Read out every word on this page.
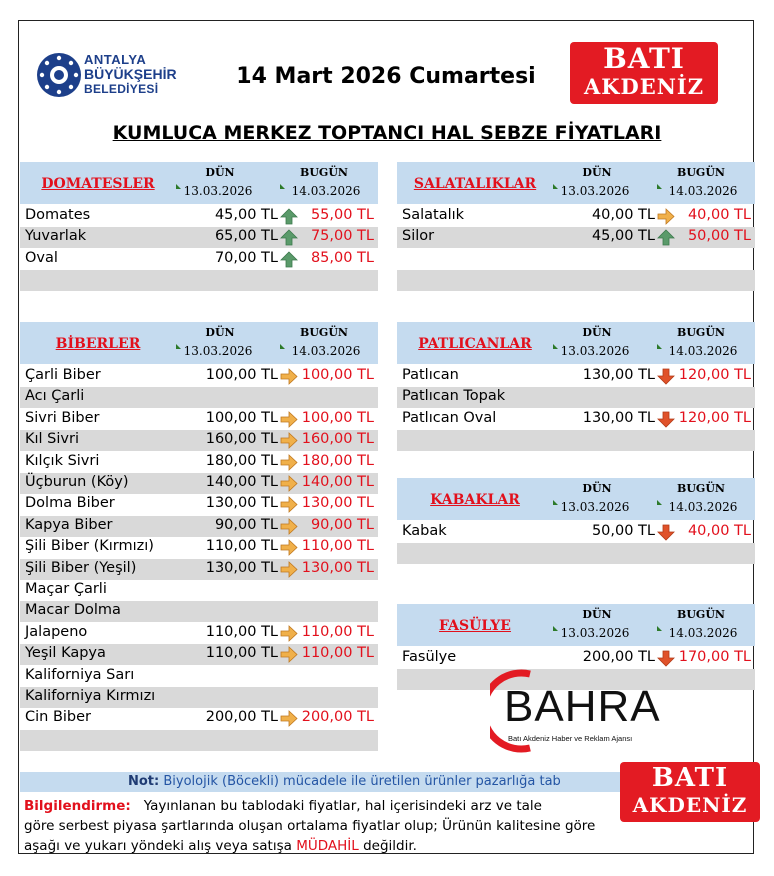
ANTALYA
BÜYÜKŞEHİR
BELEDİYESİ	14 Mart 2026 Cumartesi
BATI
AKDENİZ
KUMLUCA MERKEZ TOPTANCI HAL SEBZE FİYATLARI
DOMATESLER
DÜN	BUGÜN
13.03.2026	14.03.2026
Domates	45,00 TL 55,00 TL
Yuvarlak	65,00 TL 75,00 TL
Oval	70,00 TL 85,00 TL
SALATALIKLAR
DÜN	BUGÜN
13.03.2026	14.03.2026
Salatalık	40,00 TL 40,00 TL
Silor	45,00 TL 50,00 TL
BİBERLER
DÜN	BUGÜN
13.03.2026	14.03.2026
Çarli Biber	100,00 TL 100,00 TL
Acı Çarli
Sivri Biber	100,00 TL 100,00 TL
Kıl Sivri	160,00 TL 160,00 TL
Kılçık Sivri	180,00 TL 180,00 TL
Üçburun (Köy)	140,00 TL 140,00 TL
Dolma Biber	130,00 TL 130,00 TL
Kapya Biber	90,00 TL 90,00 TL
Şili Biber (Kırmızı)	110,00 TL 110,00 TL
Şili Biber (Yeşil)	130,00 TL 130,00 TL
Maçar Çarli
Macar Dolma
Jalapeno	110,00 TL 110,00 TL
Yeşil Kapya	110,00 TL 110,00 TL
Kaliforniya Sarı
Kaliforniya Kırmızı
Cin Biber	200,00 TL 200,00 TL
PATLICANLAR
DÜN	BUGÜN
13.03.2026	14.03.2026
Patlıcan	130,00 TL 120,00 TL
Patlıcan Topak
Patlıcan Oval	130,00 TL 120,00 TL
KABAKLAR
DÜN	BUGÜN
13.03.2026	14.03.2026
Kabak	50,00 TL 40,00 TL
FASÜLYE
DÜN	BUGÜN
13.03.2026	14.03.2026
Fasülye	200,00 TL 170,00 TL
Not: Biyolojik (Böcekli) mücadele ile üretilen ürünler pazarlığa tab
Bilgilendirme: Yayınlanan bu tablodaki fiyatlar, hal içerisindeki arz ve tale
göre serbest piyasa şartlarında oluşan ortalama fiyatlar olup; Ürünün kalitesine göre
aşağı ve yukarı yöndeki alış veya satışa MÜDAHİL değildir.
BAHRA
Batı Akdeniz Haber ve Reklam Ajansı
BATI
AKDENİZ
